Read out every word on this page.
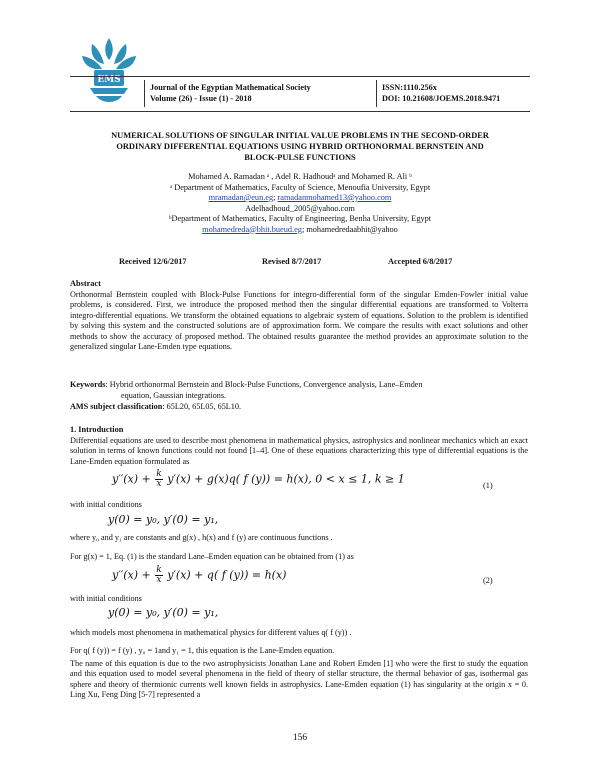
EMS
Journal of the Egyptian Mathematical Society
Volume (26) - Issue (1) - 2018
ISSN:1110.256x
DOI: 10.21608/JOEMS.2018.9471
NUMERICAL SOLUTIONS OF SINGULAR INITIAL VALUE PROBLEMS IN THE SECOND-ORDER
ORDINARY DIFFERENTIAL EQUATIONS USING HYBRID ORTHONORMAL BERNSTEIN AND
BLOCK-PULSE FUNCTIONS
Mohamed A. Ramadan ᵃ , Adel R. Hadhoudᵃ and Mohamed R. Ali ᵇ
ᵃ Department of Mathematics, Faculty of Science, Menoufia University, Egypt
mramadan@eun.eg; ramadanmohamed13@yahoo.com
Adelhadhoud_2005@yahoo.com
ᵇDepartment of Mathematics, Faculty of Engineering, Benha University, Egypt
mohamedreda@bhit.bueud.eg; mohamedredaabhit@yahoo
Received 12/6/2017	Revised 8/7/2017	Accepted 6/8/2017
Abstract
Orthonormal Bernstein coupled with Block-Pulse Functions for integro-differential form of the singular Emden-Fowler initial value problems, is considered. First, we introduce the proposed method then the singular differential equations are transformed to Volterra integro-differential equations. We transform the obtained equations to algebraic system of equations. Solution to the problem is identified by solving this system and the constructed solutions are of approximation form. We compare the results with exact solutions and other methods to show the accuracy of proposed method. The obtained results guarantee the method provides an approximate solution to the generalized singular Lane-Emden type equations.
Keywords: Hybrid orthonormal Bernstein and Block-Pulse Functions, Convergence analysis, Lane–Emden
equation, Gaussian integrations.
AMS subject classification: 65L20, 65L05, 65L10.
1. Introduction
Differential equations are used to describe most phenomena in mathematical physics, astrophysics and nonlinear mechanics which an exact solution in terms of known functions could not found [1–4]. One of these equations characterizing this type of differential equations is the Lane-Emden equation formulated as
$y''(x) + \frac{k}{x} y'(x) + g(x)q$( f (y)) = h(x), 0 < x ≤ 1, k ≥ 1	(1)
with initial conditions
y(0) = y₀, y′(0) = y₁,
where y₀ and y₁ are constants and g(x) , h(x) and f (y) are continuous functions .
For g(x) = 1, Eq. (1) is the standard Lane–Emden equation can be obtained from (1) as
$y''(x) + \frac{k}{x} y'(x) + q$( f (y)) = h(x)	(2)
with initial conditions
y(0) = y₀, y′(0) = y₁,
which models most phenomena in mathematical physics for different values q( f (y)) .
For q( f (y)) = f (y) , y₀ = 1and y₁ = 1, this equation is the Lane-Emden equation.
The name of this equation is due to the two astrophysicists Jonathan Lane and Robert Emden [1] who were the first to study the equation and this equation used to model several phenomena in the field of theory of stellar structure, the thermal behavior of gas, isothermal gas sphere and theory of thermionic currents well known fields in astrophysics. Lane-Emden equation (1) has singularity at the origin x = 0. Ling Xu, Feng Ding [5-7] represented a
156
